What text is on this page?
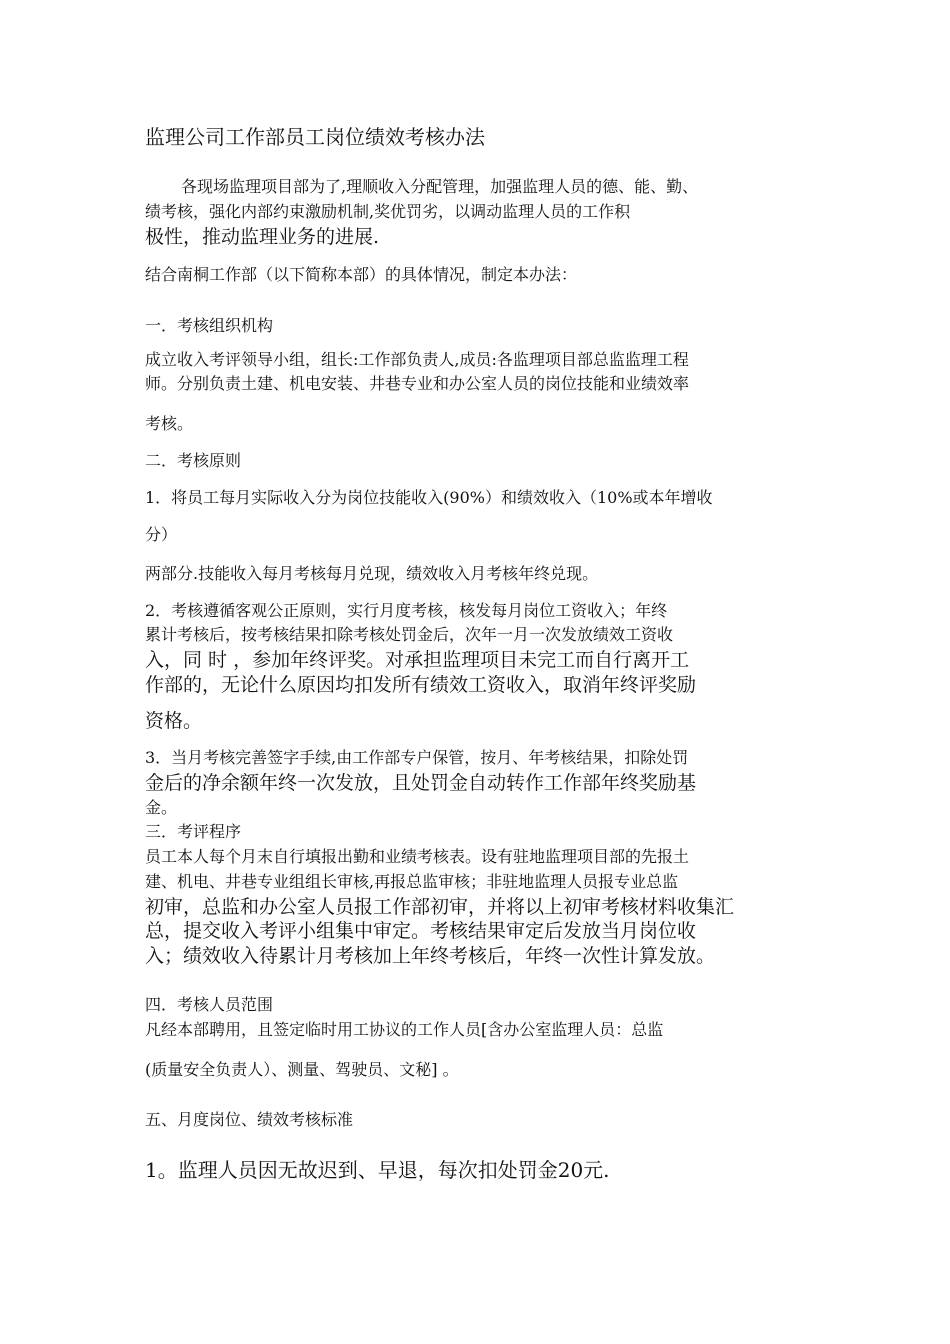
监理公司工作部员工岗位绩效考核办法
各现场监理项目部为了,理顺收入分配管理，加强监理人员的德、能、勤、
绩考核，强化内部约束激励机制,奖优罚劣，以调动监理人员的工作积
极性，推动监理业务的进展.
结合南桐工作部（以下简称本部）的具体情况，制定本办法：
一．考核组织机构
成立收入考评领导小组，组长:工作部负责人,成员:各监理项目部总监监理工程
师。分别负责土建、机电安装、井巷专业和办公室人员的岗位技能和业绩效率
考核。
二．考核原则
1．将员工每月实际收入分为岗位技能收入(90%）和绩效收入（10%或本年增收
分）
两部分.技能收入每月考核每月兑现，绩效收入月考核年终兑现。
2．考核遵循客观公正原则，实行月度考核，核发每月岗位工资收入；年终
累计考核后，按考核结果扣除考核处罚金后，次年一月一次发放绩效工资收
入，同 时 ，参加年终评奖。对承担监理项目未完工而自行离开工
作部的，无论什么原因均扣发所有绩效工资收入，取消年终评奖励
资格。
3．当月考核完善签字手续,由工作部专户保管，按月、年考核结果，扣除处罚
金后的净余额年终一次发放，且处罚金自动转作工作部年终奖励基
金。
三．考评程序
员工本人每个月末自行填报出勤和业绩考核表。设有驻地监理项目部的先报土
建、机电、井巷专业组组长审核,再报总监审核；非驻地监理人员报专业总监
初审，总监和办公室人员报工作部初审，并将以上初审考核材料收集汇
总，提交收入考评小组集中审定。考核结果审定后发放当月岗位收
入；绩效收入待累计月考核加上年终考核后，年终一次性计算发放。
四．考核人员范围
凡经本部聘用，且签定临时用工协议的工作人员[含办公室监理人员：总监
(质量安全负责人）、测量、驾驶员、文秘] 。
五、月度岗位、绩效考核标准
1。监理人员因无故迟到、早退，每次扣处罚金20元.
